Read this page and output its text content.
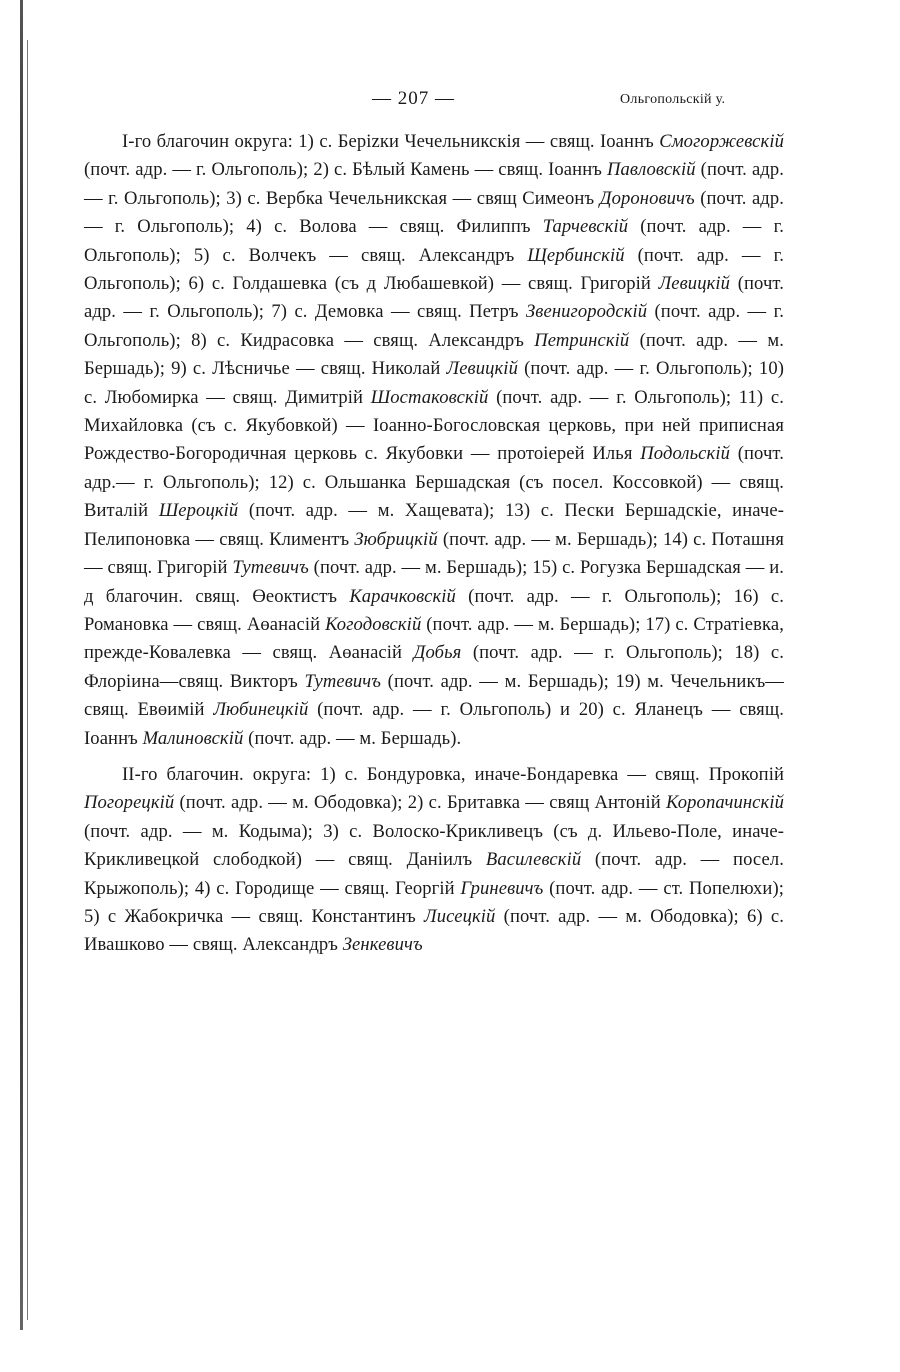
— 207 —	Ольгопольскій у.

I-го благочин округа: 1) с. Берizки Чечельникскія — свящ. Іоаннъ Смогоржевскій (почт. адр. — г. Ольгополь); 2) с. Бѣлый Камень — свящ. Іоаннъ Павловскій (почт. адр. — г. Ольгополь); 3) с. Вербка Чечельникская — свящ Симеонъ Дороновичъ (почт. адр. — г. Ольгополь); 4) с. Волова — свящ. Филиппъ Тарчевскій (почт. адр. — г. Ольгополь); 5) с. Волчекъ — свящ. Александръ Щербинскій (почт. адр. — г. Ольгополь); 6) с. Голдашевка (съ д Любашевкой) — свящ. Григорій Левицкій (почт. адр. — г. Ольгополь); 7) с. Демовка — свящ. Петръ Звенигородскій (почт. адр. — г. Ольгополь); 8) с. Кидрасовка — свящ. Александръ Петринскій (почт. адр. — м. Бершадь); 9) с. Лѣсничье — свящ. Николай Левицкій (почт. адр. — г. Ольгополь); 10) с. Любомирка — свящ. Димитрій Шостаковскій (почт. адр. — г. Ольгополь); 11) с. Михайловка (съ с. Якубовкой) — Іоанно-Богословская церковь, при ней приписная Рождество-Богородичная церковь с. Якубовки — протоіерей Илья Подольскій (почт. адр.— г. Ольгополь); 12) с. Ольшанка Бершадская (съ посел. Коссовкой) — свящ. Виталій Шероцкій (почт. адр. — м. Хащевата); 13) с. Пески Бершадскіе, иначе-Пелипоновка — свящ. Климентъ Зюбрицкій (почт. адр. — м. Бершадь); 14) с. Поташня — свящ. Григорій Тутевичъ (почт. адр. — м. Бершадь); 15) с. Рогузка Бершадская — и. д благочин. свящ. Өеоктистъ Карачковскій (почт. адр. — г. Ольгополь); 16) с. Романовка — свящ. Аөанасій Когодовскій (почт. адр. — м. Бершадь); 17) с. Стратіевка, прежде-Ковалевка — свящ. Аөанасій Добья (почт. адр. — г. Ольгополь); 18) с. Флоріина—свящ. Викторъ Тутевичъ (почт. адр. — м. Бершадь); 19) м. Чечельникъ—свящ. Евөимій Любинецкій (почт. адр. — г. Ольгополь) и 20) с. Яланецъ — свящ. Іоаннъ Малиновскій (почт. адр. — м. Бершадь).

II-го благочин. округа: 1) с. Бондуровка, иначе-Бондаревка — свящ. Прокопій Погорецкій (почт. адр. — м. Ободовка); 2) с. Бритавка — свящ Антоній Коропачинскій (почт. адр. — м. Кодыма); 3) с. Волоско-Крикливецъ (съ д. Ильево-Поле, иначе-Крикливецкой слободкой) — свящ. Даніилъ Василевскій (почт. адр. — посел. Крыжополь); 4) с. Городище — свящ. Георгій Гриневичъ (почт. адр. — ст. Попелюхи); 5) с Жабокричка — свящ. Константинъ Лисецкій (почт. адр. — м. Ободовка); 6) с. Ивашково — свящ. Александръ Зенкевичъ
